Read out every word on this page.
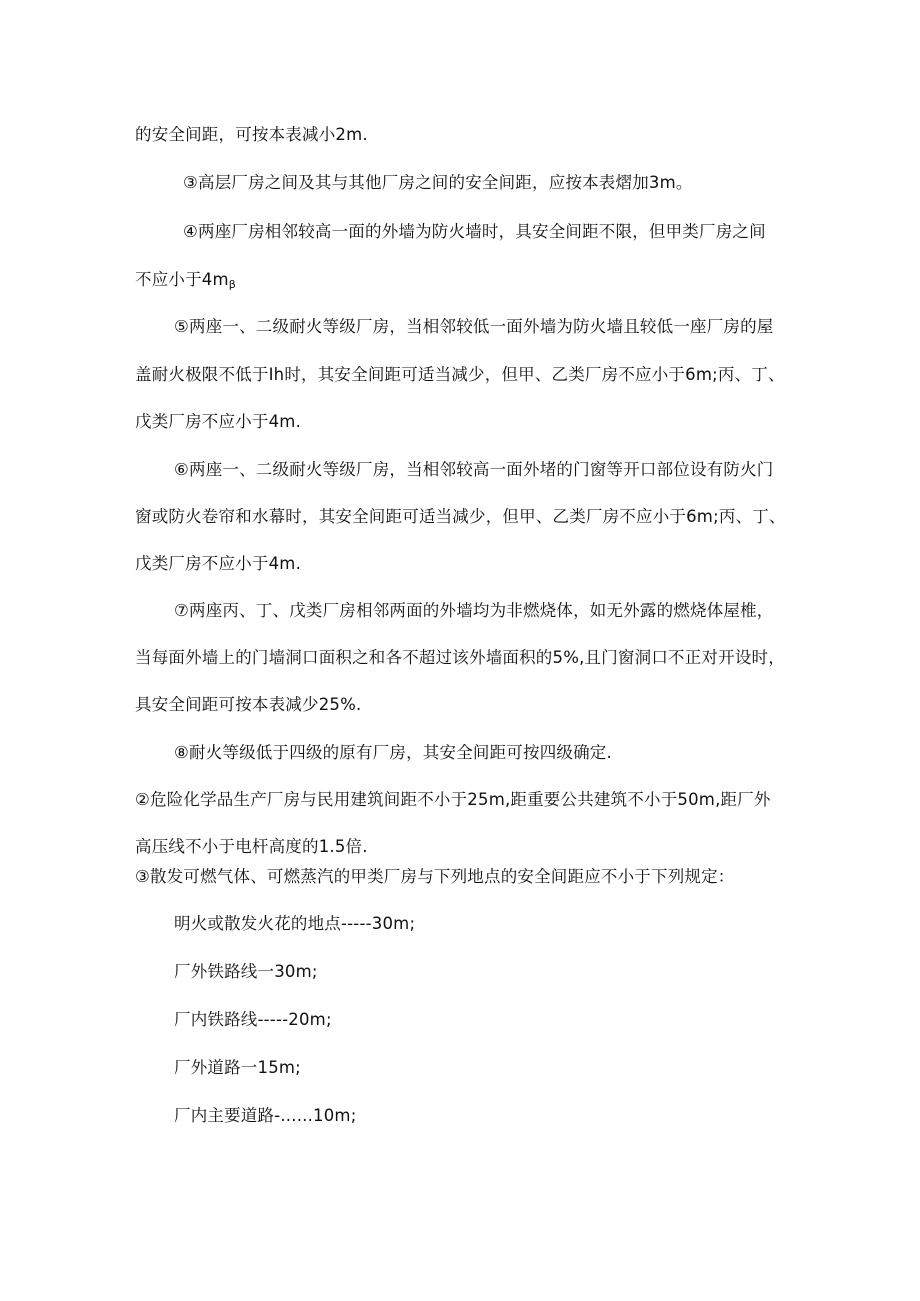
的安全间距，可按本表减小2m.
③高层厂房之间及其与其他厂房之间的安全间距，应按本表熠加3m。
④两座厂房相邻较高一面的外墙为防火墙时，具安全间距不限，但甲类厂房之间
不应小于4mβ
⑤两座一、二级耐火等级厂房，当相邻较低一面外墙为防火墙且较低一座厂房的屋
盖耐火极限不低于Ih时，其安全间距可适当减少，但甲、乙类厂房不应小于6m;丙、丁、
戊类厂房不应小于4m.
⑥两座一、二级耐火等级厂房，当相邻较高一面外堵的门窗等开口部位设有防火门
窗或防火卷帘和水幕时，其安全间距可适当减少，但甲、乙类厂房不应小于6m;丙、丁、
戊类厂房不应小于4m.
⑦两座丙、丁、戊类厂房相邻两面的外墙均为非燃烧体，如无外露的燃烧体屋椎，
当每面外墙上的门墙洞口面积之和各不超过该外墙面积的5%,且门窗洞口不正对开设时，
具安全间距可按本表减少25%.
⑧耐火等级低于四级的原有厂房，其安全间距可按四级确定.
②危险化学品生产厂房与民用建筑间距不小于25m,距重要公共建筑不小于50m,距厂外
高压线不小于电杆高度的1.5倍.
③散发可燃气体、可燃蒸汽的甲类厂房与下列地点的安全间距应不小于下列规定：
明火或散发火花的地点-----30m;
厂外铁路线一30m;
厂内铁路线-----20m;
厂外道路一15m;
厂内主要道路-......10m;
